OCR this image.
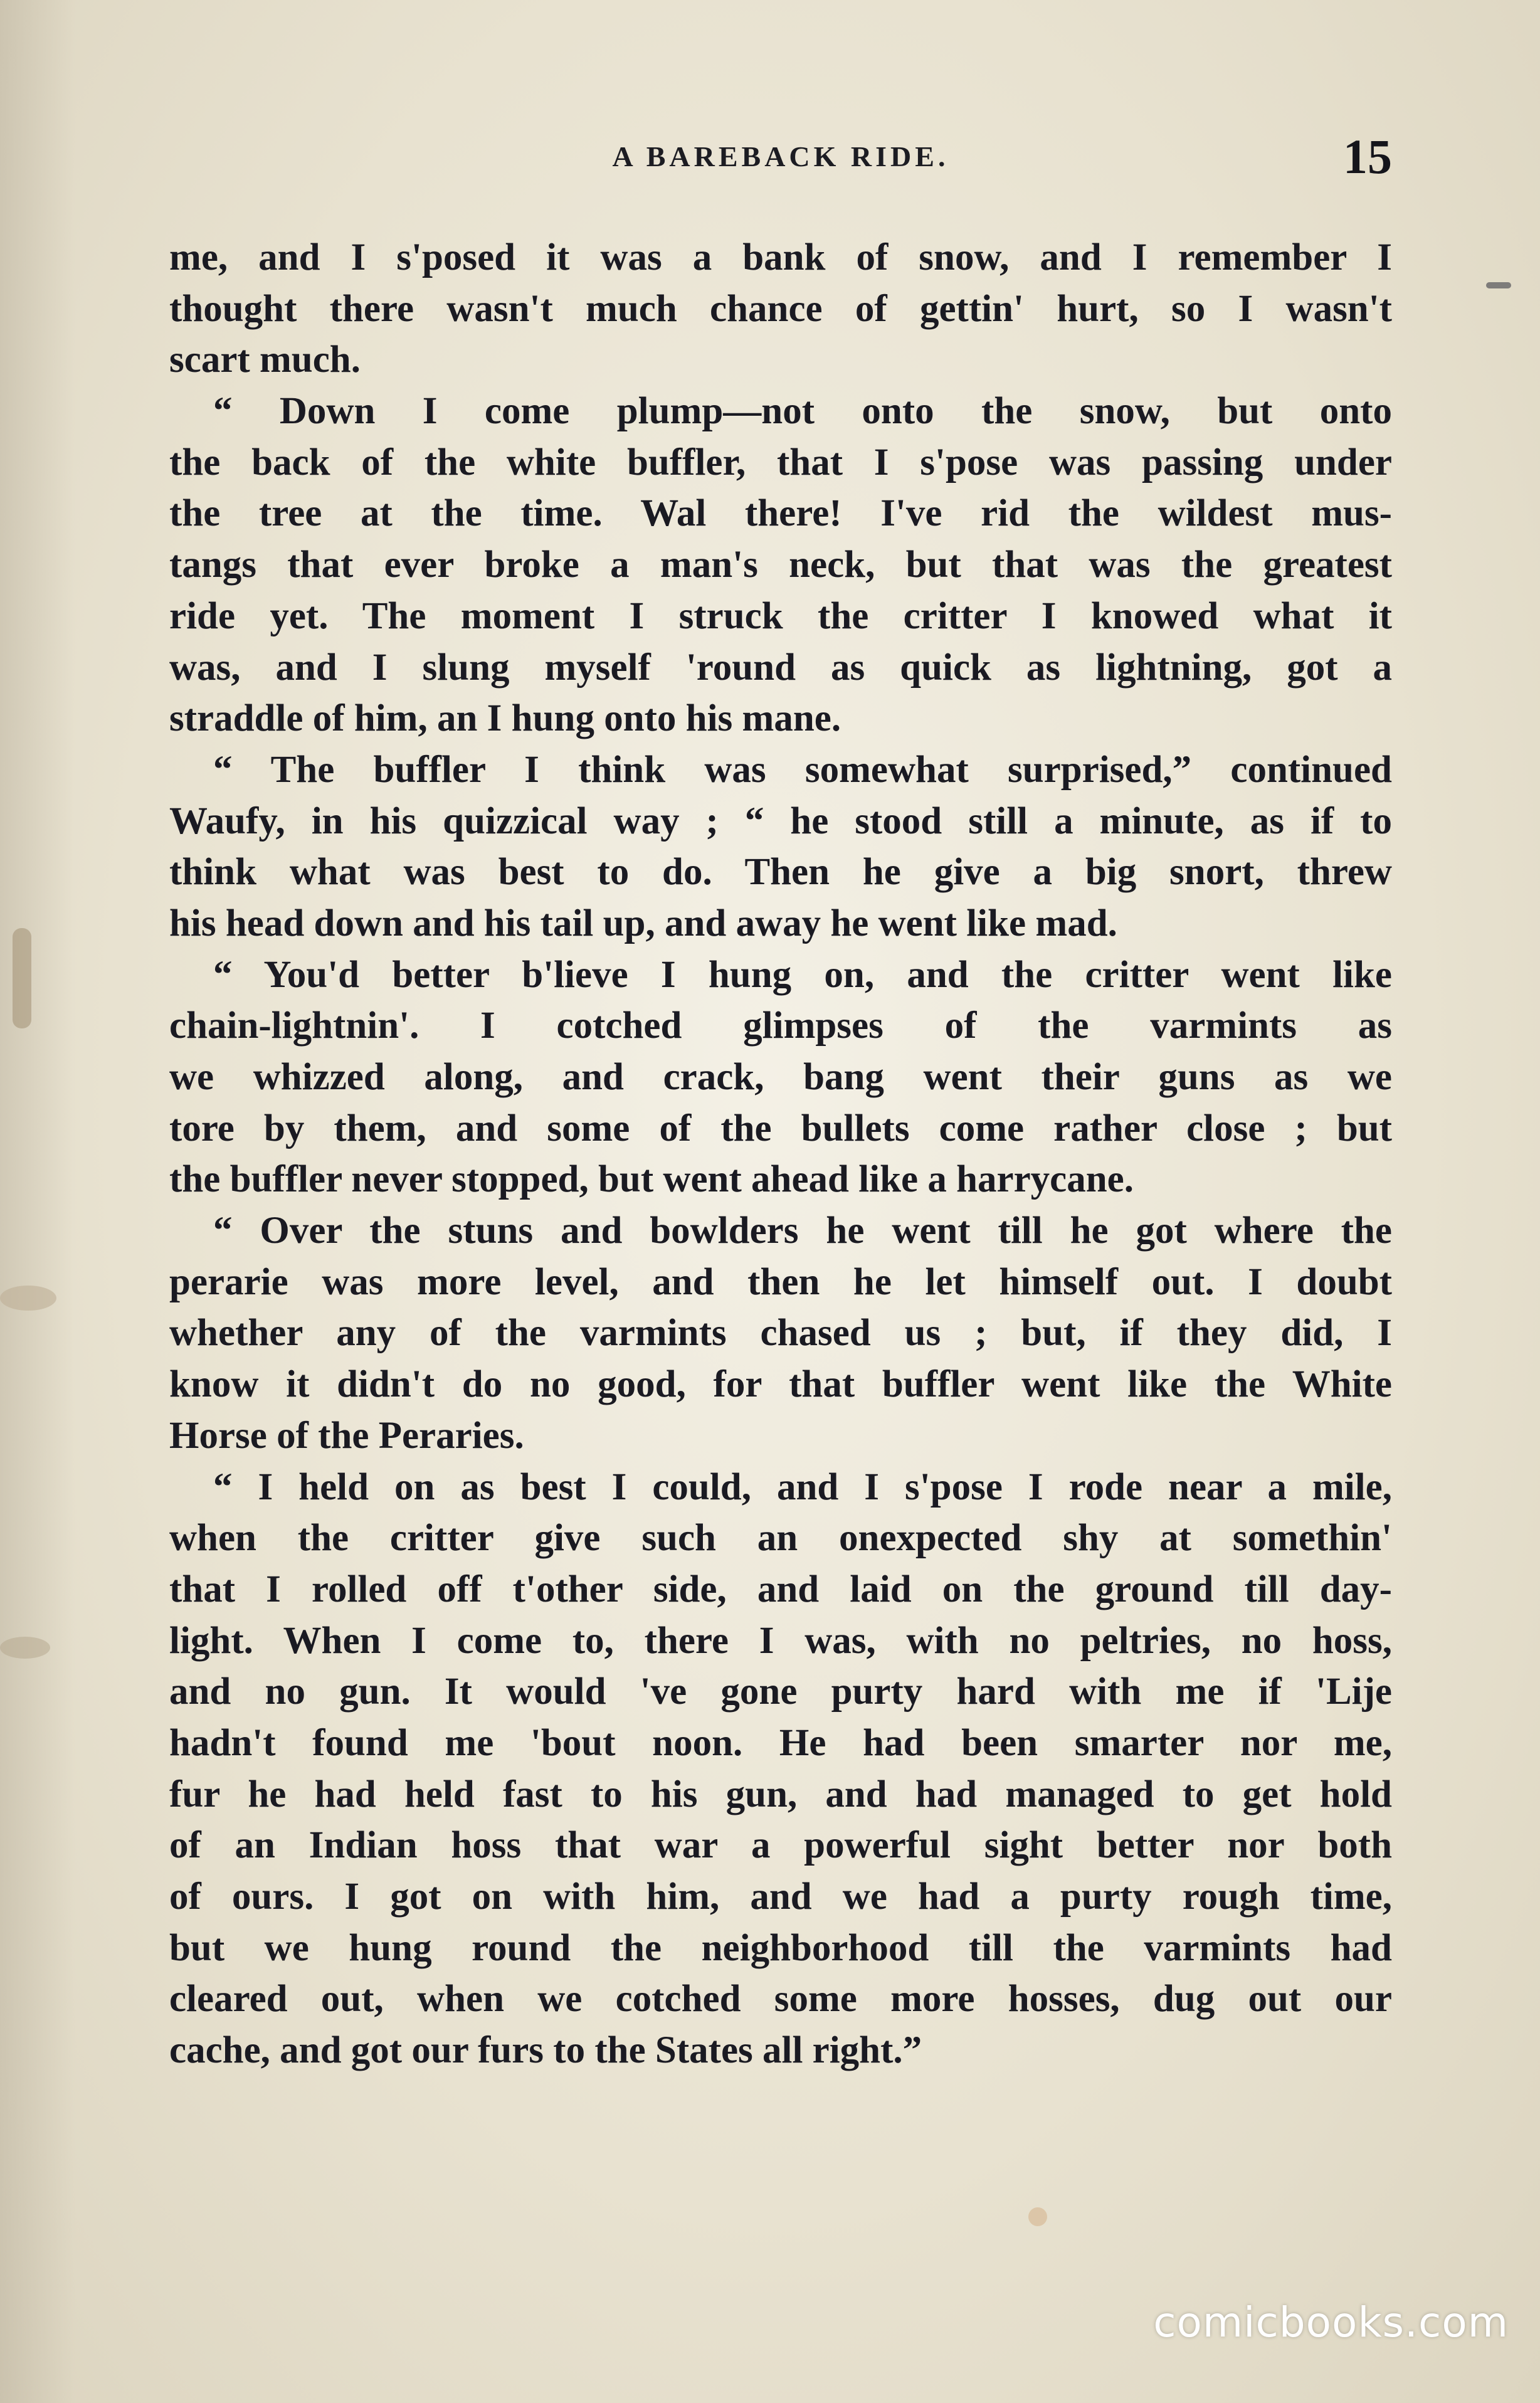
A BAREBACK RIDE.	15
me, and I s'posed it was a bank of snow, and I remember I
thought there wasn't much chance of gettin' hurt, so I wasn't
scart much.
“ Down I come plump—not onto the snow, but onto
the back of the white buffler, that I s'pose was passing under
the tree at the time. Wal there! I've rid the wildest mus-
tangs that ever broke a man's neck, but that was the greatest
ride yet. The moment I struck the critter I knowed what it
was, and I slung myself 'round as quick as lightning, got a
straddle of him, an I hung onto his mane.
“ The buffler I think was somewhat surprised,” continued
Waufy, in his quizzical way ; “ he stood still a minute, as if to
think what was best to do. Then he give a big snort, threw
his head down and his tail up, and away he went like mad.
“ You'd better b'lieve I hung on, and the critter went like
chain-lightnin'. I cotched glimpses of the varmints as
we whizzed along, and crack, bang went their guns as we
tore by them, and some of the bullets come rather close ; but
the buffler never stopped, but went ahead like a harrycane.
“ Over the stuns and bowlders he went till he got where the
perarie was more level, and then he let himself out. I doubt
whether any of the varmints chased us ; but, if they did, I
know it didn't do no good, for that buffler went like the White
Horse of the Peraries.
“ I held on as best I could, and I s'pose I rode near a mile,
when the critter give such an onexpected shy at somethin'
that I rolled off t'other side, and laid on the ground till day-
light. When I come to, there I was, with no peltries, no hoss,
and no gun. It would 've gone purty hard with me if 'Lije
hadn't found me 'bout noon. He had been smarter nor me,
fur he had held fast to his gun, and had managed to get hold
of an Indian hoss that war a powerful sight better nor both
of ours. I got on with him, and we had a purty rough time,
but we hung round the neighborhood till the varmints had
cleared out, when we cotched some more hosses, dug out our
cache, and got our furs to the States all right.”
comicbooks.com
